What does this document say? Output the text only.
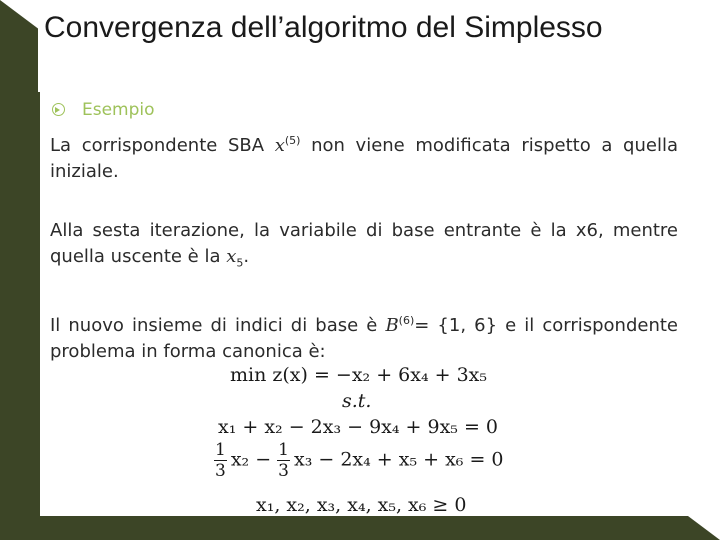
Convergenza dell’algoritmo del Simplesso
Esempio
La corrispondente SBA $x^{(5)}$ non viene modificata rispetto a quella iniziale.
Alla sesta iterazione, la variabile di base entrante è la x6, mentre quella uscente è la $x_5$.
Il nuovo insieme di indici di base è $B^{(6)}= \{1$, 6} e il corrispondente problema in forma canonica è:
min z(x) = −x₂ + 6x₄ + 3x₅
s.t.
x₁ + x₂ − 2x₃ − 9x₄ + 9x₅ = 0
$\frac{1}{3} x_2 - \frac{1}{3} x_3 - 2x_4 + x_5 + x_6 = 0$
x₁, x₂, x₃, x₄, x₅, x₆ ≥ 0
